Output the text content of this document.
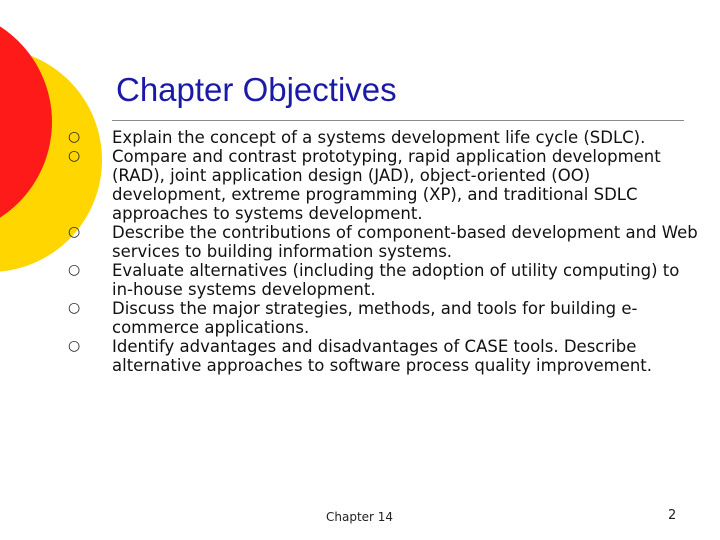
Chapter Objectives
○ Explain the concept of a systems development life cycle (SDLC).
○ Compare and contrast prototyping, rapid application development (RAD), joint application design (JAD), object-oriented (OO) development, extreme programming (XP), and traditional SDLC approaches to systems development.
○ Describe the contributions of component-based development and Web services to building information systems.
○ Evaluate alternatives (including the adoption of utility computing) to in-house systems development.
○ Discuss the major strategies, methods, and tools for building e-commerce applications.
○ Identify advantages and disadvantages of CASE tools. Describe alternative approaches to software process quality improvement.
Chapter 14	2
